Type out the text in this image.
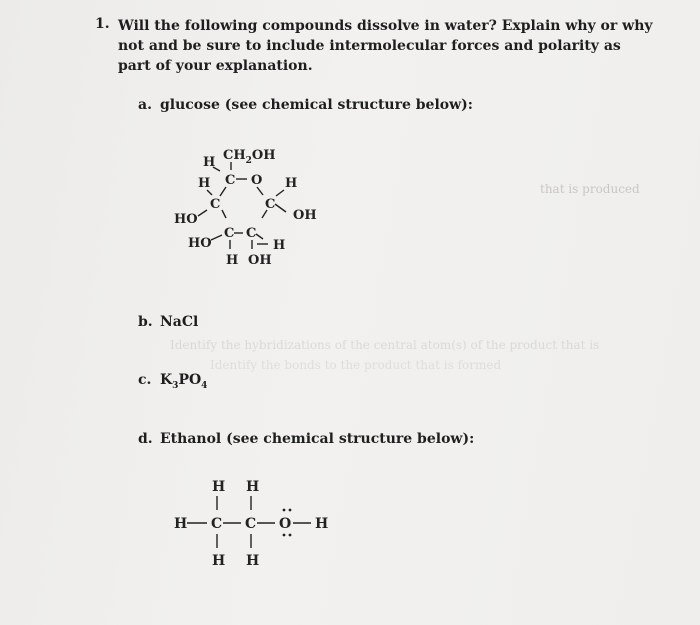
1. Will the following compounds dissolve in water? Explain why or why not and be sure to include intermolecular forces and polarity as part of your explanation.
that is produced
Identify the hybridizations of the central atom(s) of the product that is
Identify the bonds to the product that is formed
a. glucose (see chemical structure below):
H $CH_2OH$
C O
H	H
C	C
HO	OH
C C
HO	H
H OH
b. NaCl
c. $K_3PO_4$
d. Ethanol (see chemical structure below):
H H
H C C O H
H H
